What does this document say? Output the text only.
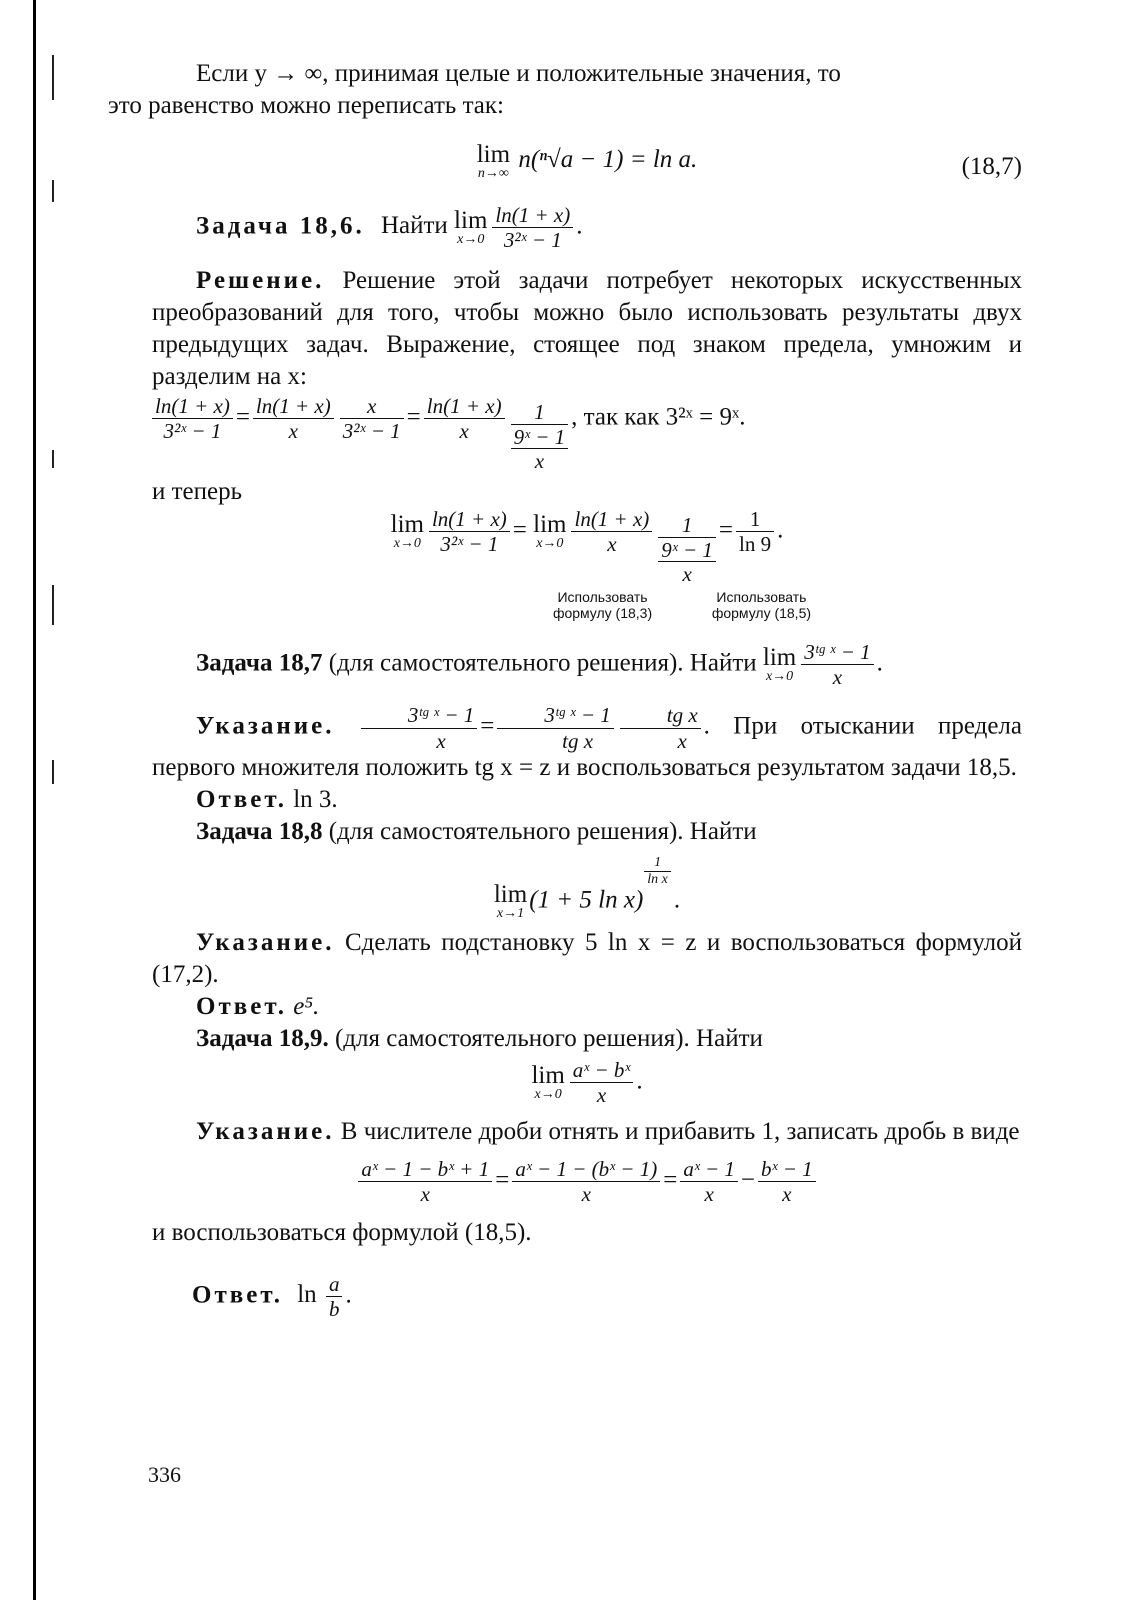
Если y → ∞, принимая целые и положительные значения, то
это равенство можно переписать так:

lim
n→∞
n(ⁿ√a − 1) = ln a.	(18,7)
Задача 18,6. Найти lim
$x\to 0 \frac{\ln(1 + x)}{\text{3²ˣ − 1}}$ .

Решение. Решение этой задачи потребует некоторых искусственных преобразований для того, чтобы можно было использовать результаты двух предыдущих задач. Выражение, стоящее под знаком предела, умножим и разделим на x:

$\frac{\ln(1 + x)}{\text{3²ˣ − 1}} = \frac{\ln(1 + x)}{x} \frac{x}{\text{3²ˣ − 1}} = \frac{\ln(1 + x)}{x}$	1
9ˣ − 1
x
, так как 3²ˣ = 9ˣ.

и теперь

lim
$x\to 0 \frac{\ln(1 + x)}{\text{3²ˣ − 1}} = \lim$
$x\to 0 \frac{\ln(1 + x)}{x}$	1
9ˣ − 1
x
= $\frac{1}{\ln 9}$ .
Использовать
формулу (18,3) Использовать
формулу (18,5)
Задача 18,7 (для самостоятельного решения). Найти lim
$x\to 0 \frac{\text{3ᵗᵍ ˣ − 1}}{x}$ .

Указание. $\frac{\text{3ᵗᵍ ˣ − 1}}{x} = \frac{\text{3ᵗᵍ ˣ − 1}}{\text{tg x}} \frac{\text{tg x}}{x}$ . При отыскании предела первого множителя положить tg x = z и воспользоваться результатом задачи 18,5.

Ответ. ln 3.
Задача 18,8 (для самостоятельного решения). Найти
lim
x→1
(1 + 5 ln x)
$\frac{1}{\text{ln x}}$
.

Указание. Сделать подстановку 5 ln x = z и воспользоваться формулой (17,2).

Ответ. e⁵.
Задача 18,9. (для самостоятельного решения). Найти
lim
$x\to 0 \frac{\text{aˣ − bˣ}}{x}$ .

Указание. В числителе дроби отнять и прибавить 1, записать дробь в виде

$\frac{\text{aˣ − 1 − bˣ + 1}}{x} = \frac{\text{aˣ − 1 − (bˣ − 1)}}{x} = \frac{\text{aˣ − 1}}{x} - \frac{\text{bˣ − 1}}{x}$

и воспользоваться формулой (18,5).

Ответ. $\ln \frac{a}{b}$ .
336
